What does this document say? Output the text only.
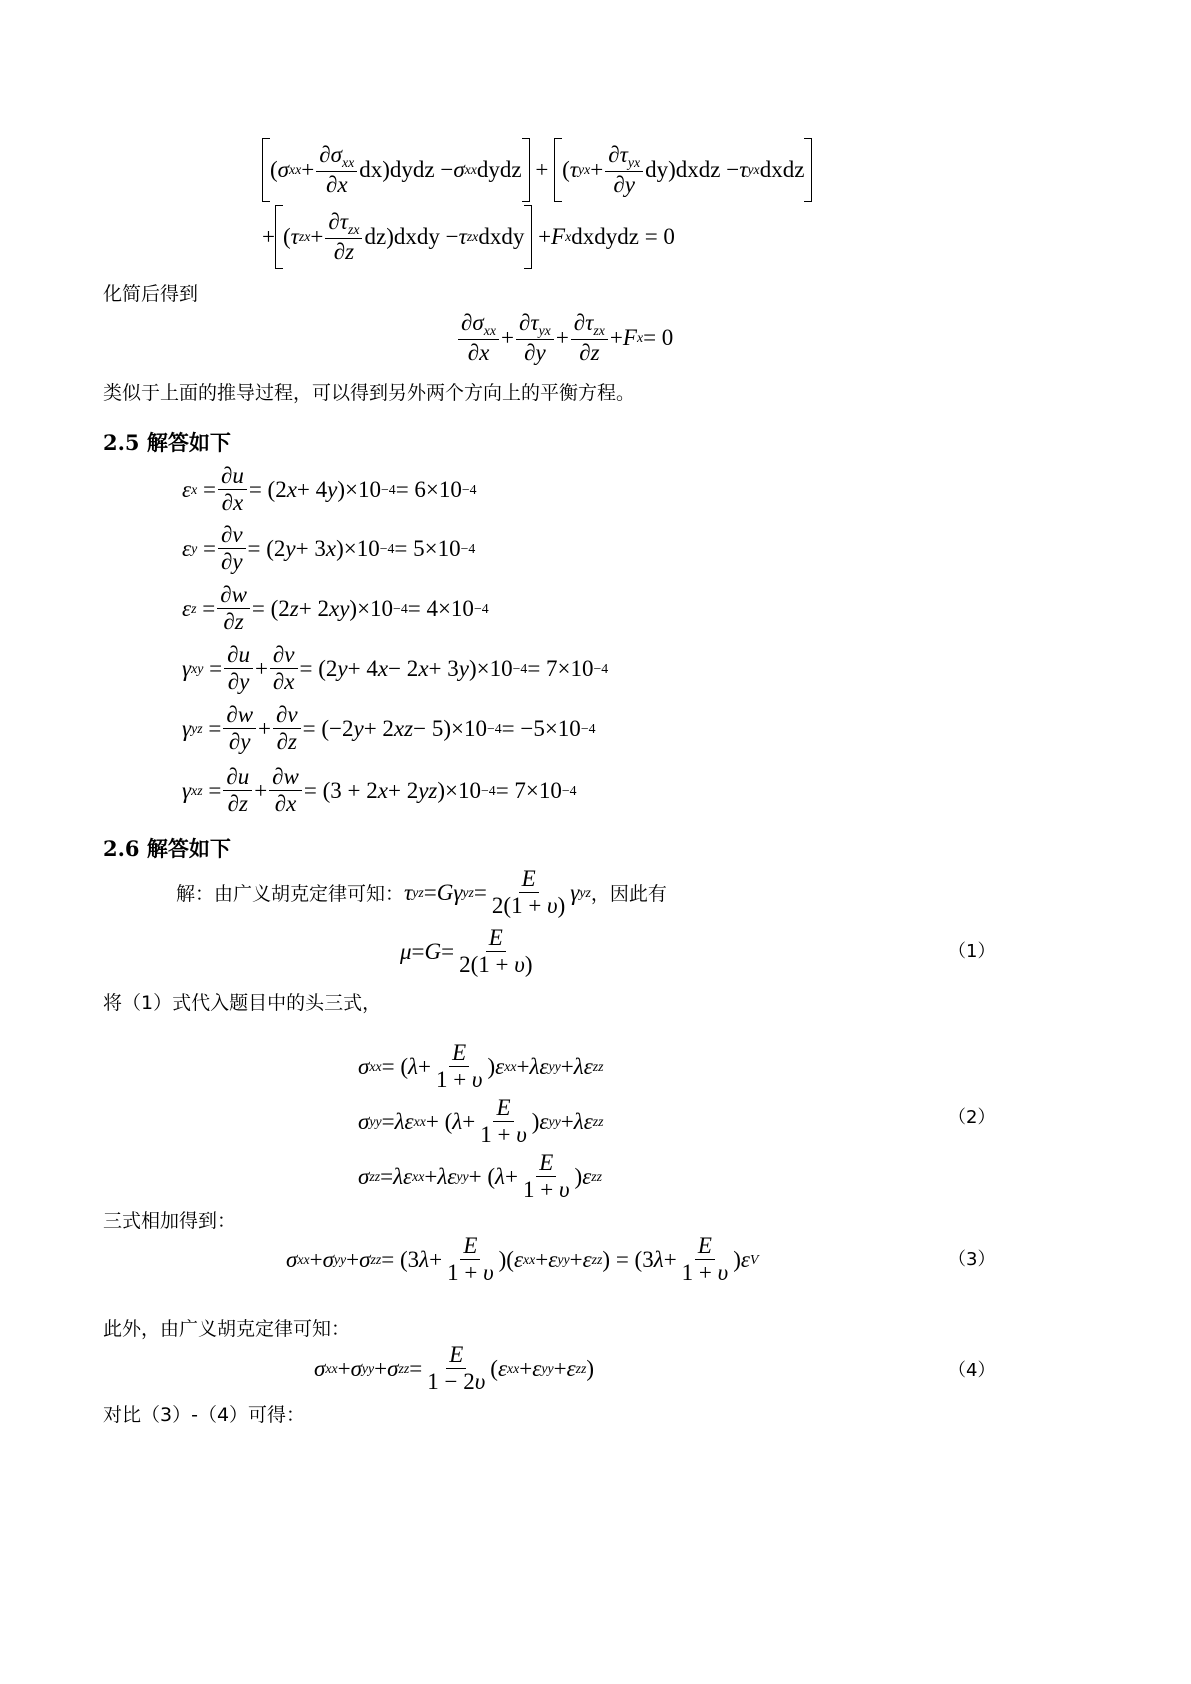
( σ xx + $\frac{\partial\sigma_{xx}}{\partial x}$ dx)dydz − σ xx dydz
+
( τ yx + $\frac{\partial\tau_{yx}}{\partial y}$ dy)dxdz − τ yx dxdz
+
( τ zx + $\frac{\partial\tau_{zx}}{\partial z}$ dz)dxdy − τ zx dxdy
+ F x dxdydz = 0
化简后得到
$\frac{\partial\sigma_{xx}}{\partial x} + \frac{\partial\tau_{yx}}{\partial y} + \frac{\partial\tau_{zx}}{\partial z} + F$ x = 0
类似于上面的推导过程，可以得到另外两个方向上的平衡方程。
2.5 解答如下
ε $x = \frac{\partial u}{\partial x} = (2$ x + 4 y )×10 −4 = 6×10 −4
ε $y = \frac{\partial v}{\partial y} = (2$ y + 3 x )×10 −4 = 5×10 −4
ε $z = \frac{\partial w}{\partial z} = (2$ z + 2 xy )×10 −4 = 4×10 −4
γ xy = $\frac{\partial u}{\partial y} + \frac{\partial v}{\partial x} = (2$ y + 4 x − 2 x + 3 y )×10 −4 = 7×10 −4
γ yz = $\frac{\partial w}{\partial y} + \frac{\partial v}{\partial z} = (-2$ y + 2 xz − 5)×10 −4 = −5×10 −4
γ xz = $\frac{\partial u}{\partial z} + \frac{\partial w}{\partial x} = (3 + 2$ x + 2 yz )×10 −4 = 7×10 −4
2.6 解答如下
解：由广义胡克定律可知： τ yz = Gγ yz = $\frac{E}{2(1 + \upsilon)}$ γ yz ，因此有
$\mu = G = \frac{E}{2(1 + \upsilon)}$	（1）
将（1）式代入题目中的头三式，
σ xx = ( $\lambda + \frac{E}{1 + \upsilon}$ ) ε xx + λε yy + λε zz
σ yy = λε xx + ( $\lambda + \frac{E}{1 + \upsilon}$ ) ε yy + λε zz	（2）
σ zz = λε xx + λε yy + ( $\lambda + \frac{E}{1 + \upsilon}$ ) ε zz
三式相加得到：
σ xx + σ yy + σ zz = (3 $\lambda + \frac{E}{1 + \upsilon}$ )( ε xx + ε yy + ε zz ) = (3 $\lambda + \frac{E}{1 + \upsilon}$ ) ε V	（3）
此外，由广义胡克定律可知：
σ xx + σ yy + σ zz = $\frac{E}{1 - 2\upsilon}$ ( ε xx + ε yy + ε zz )	（4）
对比（3）-（4）可得：
